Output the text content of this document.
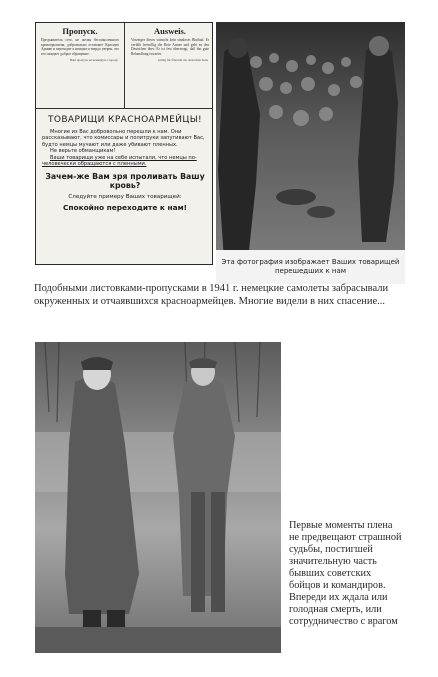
Пропуск.
Предъявитель сего, не желая бессмысленного кровопролития, добровольно оставляет Красную Армию и переходит к немцам и твердо уверен, что его ожидает доброе обращение.
Ваш пропуск на немецкую сторону
Ausweis.
Vorzeiger dieses wünscht kein sinnloses Blutbad. Er verläßt freiwillig die Rote Armee und geht zu den Deutschen über. Er ist fest überzeugt, daß ihn gute Behandlung erwartet.
Gültig für Übertritt zur deutschen Seite
ТОВАРИЩИ КРАСНОАРМЕЙЦЫ!
Многие из Вас добровольно перешли к нам. Они рассказывают, что комиссары и политруки запугивают Вас, будто немцы мучают или даже убивают пленных.
Не верьте обманщикам!
Ваши товарищи уже на себе испытали, что немцы по-человечески обращаются с пленными.
Зачем-же Вам зря проливать Вашу кровь?
Следуйте примеру Ваших товарищей:
Спокойно переходите к нам!
Эта фотография изображает Ваших товарищей перешедших к нам
Подобными листовками-пропусками в 1941 г. немецкие самолеты забрасывали окруженных и отчаявшихся красноармейцев. Многие видели в них спасение...
Первые моменты плена не предвещают страшной судьбы, постигшей значительную часть бывших советских бойцов и командиров. Впереди их ждала или голодная смерть, или сотрудничество с врагом
